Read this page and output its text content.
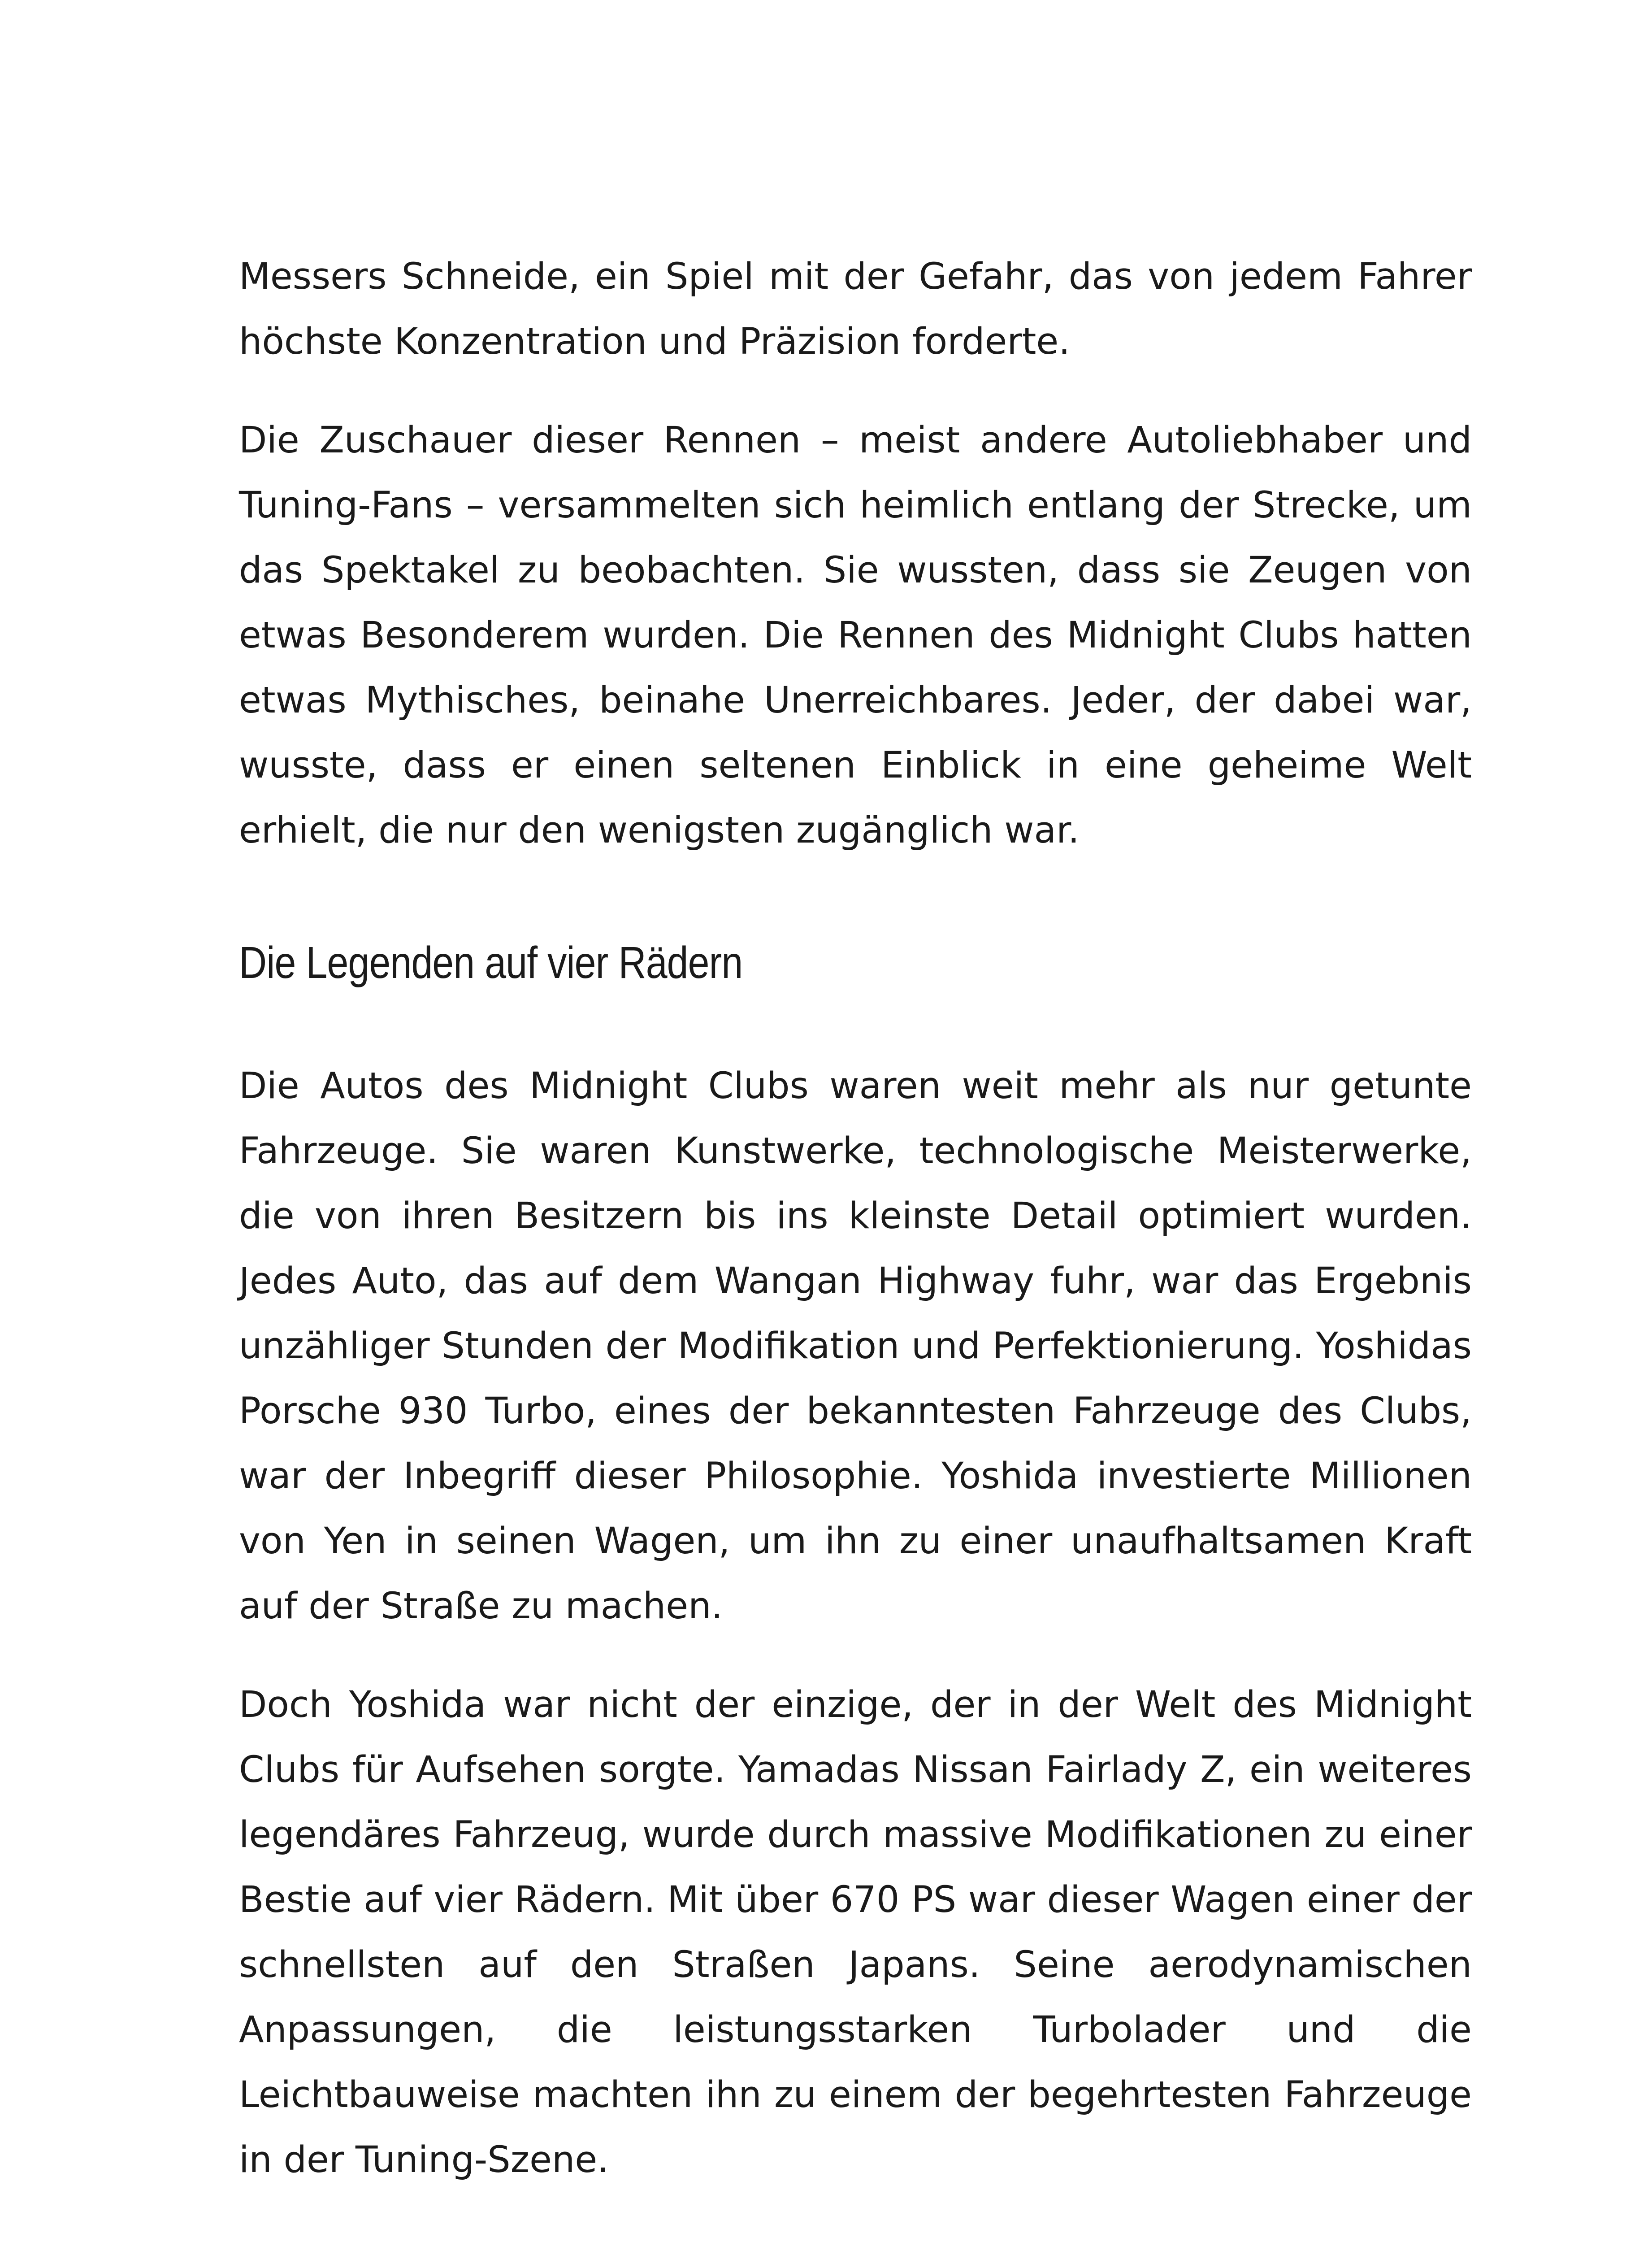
Messers Schneide, ein Spiel mit der Gefahr, das von jedem Fahrer höchste Konzentration und Präzision forderte.

Die Zuschauer dieser Rennen – meist andere Autoliebhaber und Tuning-Fans – versammelten sich heimlich entlang der Strecke, um das Spektakel zu beobachten. Sie wussten, dass sie Zeugen von etwas Besonderem wurden. Die Rennen des Midnight Clubs hatten etwas Mythisches, beinahe Unerreichbares. Jeder, der dabei war, wusste, dass er einen seltenen Einblick in eine geheime Welt erhielt, die nur den wenigsten zugänglich war.

Die Legenden auf vier Rädern

Die Autos des Midnight Clubs waren weit mehr als nur getunte Fahrzeuge. Sie waren Kunstwerke, technologische Meisterwerke, die von ihren Besitzern bis ins kleinste Detail optimiert wurden. Jedes Auto, das auf dem Wangan Highway fuhr, war das Ergebnis unzähliger Stunden der Modifikation und Perfektionierung. Yoshidas Porsche 930 Turbo, eines der bekanntesten Fahrzeuge des Clubs, war der Inbegriff dieser Philosophie. Yoshida investierte Millionen von Yen in seinen Wagen, um ihn zu einer unaufhaltsamen Kraft auf der Straße zu machen.

Doch Yoshida war nicht der einzige, der in der Welt des Midnight Clubs für Aufsehen sorgte. Yamadas Nissan Fairlady Z, ein weiteres legendäres Fahrzeug, wurde durch massive Modifikationen zu einer Bestie auf vier Rädern. Mit über 670 PS war dieser Wagen einer der schnellsten auf den Straßen Japans. Seine aerodynamischen Anpassungen, die leistungsstarken Turbolader und die Leichtbauweise machten ihn zu einem der begehrtesten Fahrzeuge in der Tuning-Szene.
